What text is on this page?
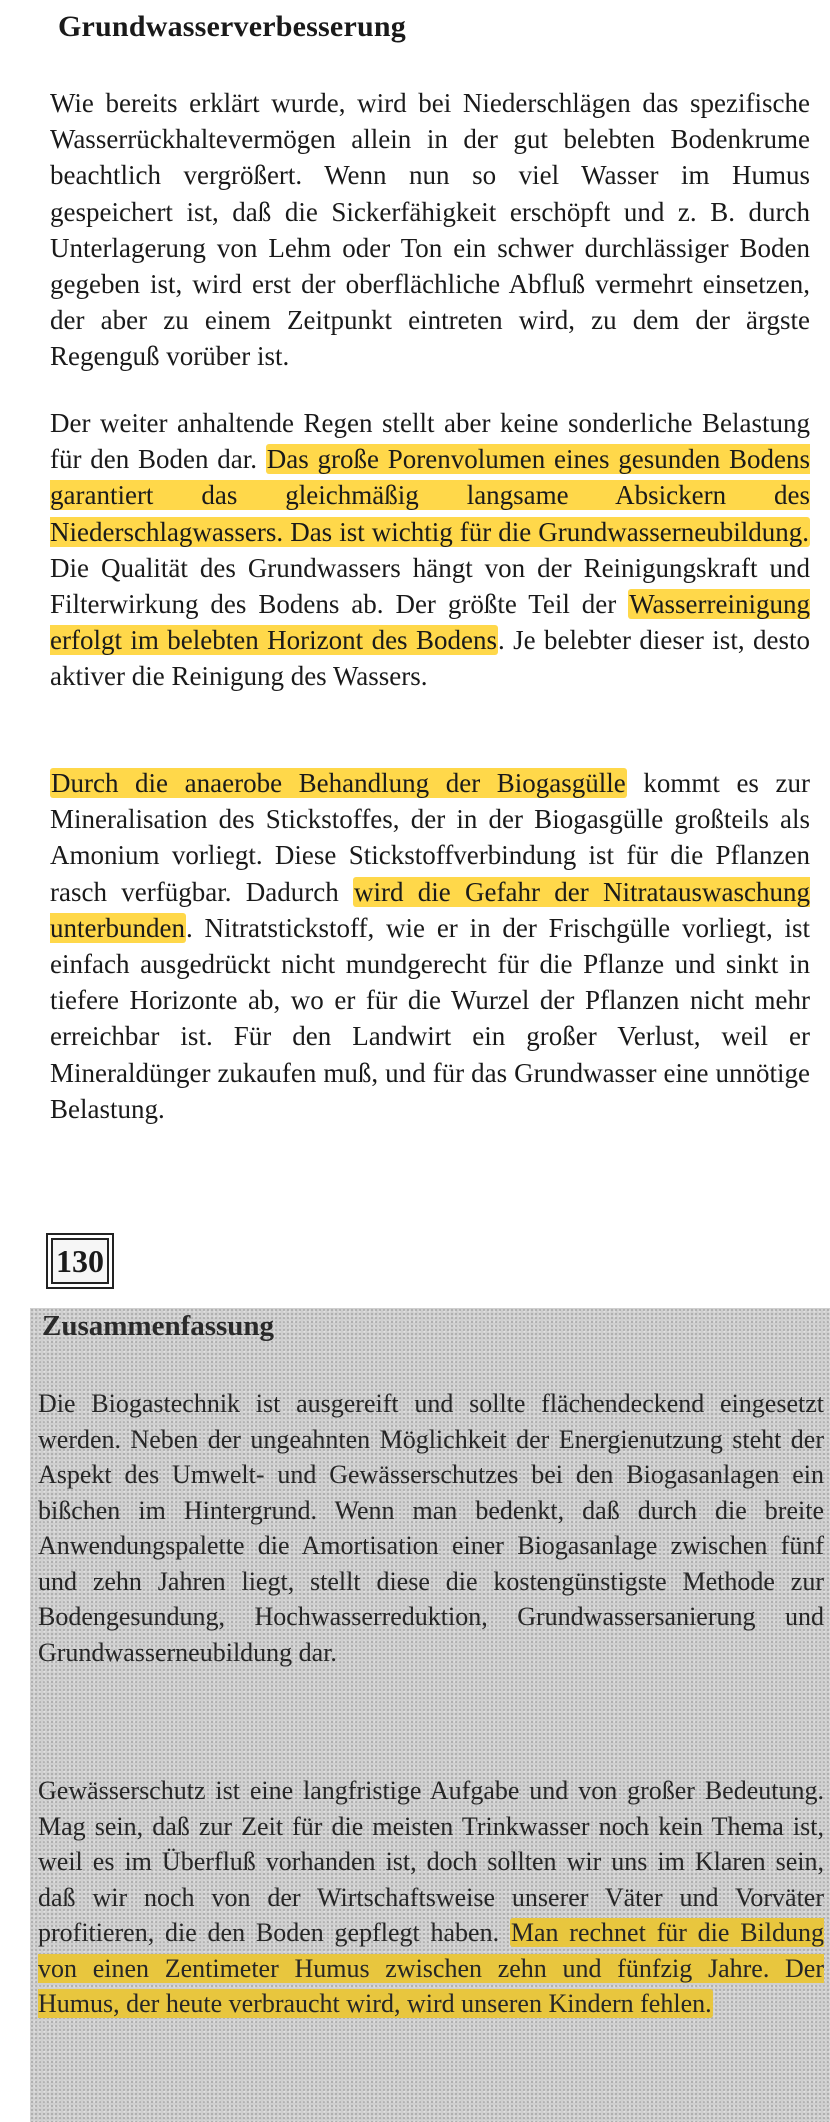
Grundwasserverbesserung

Wie bereits erklärt wurde, wird bei Niederschlägen das spezifische Wasserrückhaltevermögen allein in der gut belebten Bodenkrume beachtlich vergrößert. Wenn nun so viel Wasser im Humus gespeichert ist, daß die Sickerfähigkeit erschöpft und z. B. durch Unterlagerung von Lehm oder Ton ein schwer durchlässiger Boden gegeben ist, wird erst der oberflächliche Abfluß vermehrt einsetzen, der aber zu einem Zeitpunkt eintreten wird, zu dem der ärgste Regenguß vorüber ist.

Der weiter anhaltende Regen stellt aber keine sonderliche Belastung für den Boden dar. Das große Porenvolumen eines gesunden Bodens garantiert das gleichmäßig langsame Absickern des Niederschlagwassers. Das ist wichtig für die Grundwasserneubildung. Die Qualität des Grundwassers hängt von der Reinigungskraft und Filterwirkung des Bodens ab. Der größte Teil der Wasserreinigung erfolgt im belebten Horizont des Bodens. Je belebter dieser ist, desto aktiver die Reinigung des Wassers.

Durch die anaerobe Behandlung der Biogasgülle kommt es zur Mineralisation des Stickstoffes, der in der Biogasgülle großteils als Amonium vorliegt. Diese Stickstoffverbindung ist für die Pflanzen rasch verfügbar. Dadurch wird die Gefahr der Nitratauswaschung unterbunden. Nitratstickstoff, wie er in der Frischgülle vorliegt, ist einfach ausgedrückt nicht mundgerecht für die Pflanze und sinkt in tiefere Horizonte ab, wo er für die Wurzel der Pflanzen nicht mehr erreichbar ist. Für den Landwirt ein großer Verlust, weil er Mineraldünger zukaufen muß, und für das Grundwasser eine unnötige Belastung.

130
Zusammenfassung

Die Biogastechnik ist ausgereift und sollte flächendeckend eingesetzt werden. Neben der ungeahnten Möglichkeit der Energienutzung steht der Aspekt des Umwelt- und Gewässerschutzes bei den Biogasanlagen ein bißchen im Hintergrund. Wenn man bedenkt, daß durch die breite Anwendungspalette die Amortisation einer Biogasanlage zwischen fünf und zehn Jahren liegt, stellt diese die kostengünstigste Methode zur Bodengesundung, Hochwasserreduktion, Grundwassersanierung und Grundwasserneubildung dar.

Gewässerschutz ist eine langfristige Aufgabe und von großer Bedeutung. Mag sein, daß zur Zeit für die meisten Trinkwasser noch kein Thema ist, weil es im Überfluß vorhanden ist, doch sollten wir uns im Klaren sein, daß wir noch von der Wirtschaftsweise unserer Väter und Vorväter profitieren, die den Boden gepflegt haben. Man rechnet für die Bildung von einen Zentimeter Humus zwischen zehn und fünfzig Jahre. Der Humus, der heute verbraucht wird, wird unseren Kindern fehlen.
